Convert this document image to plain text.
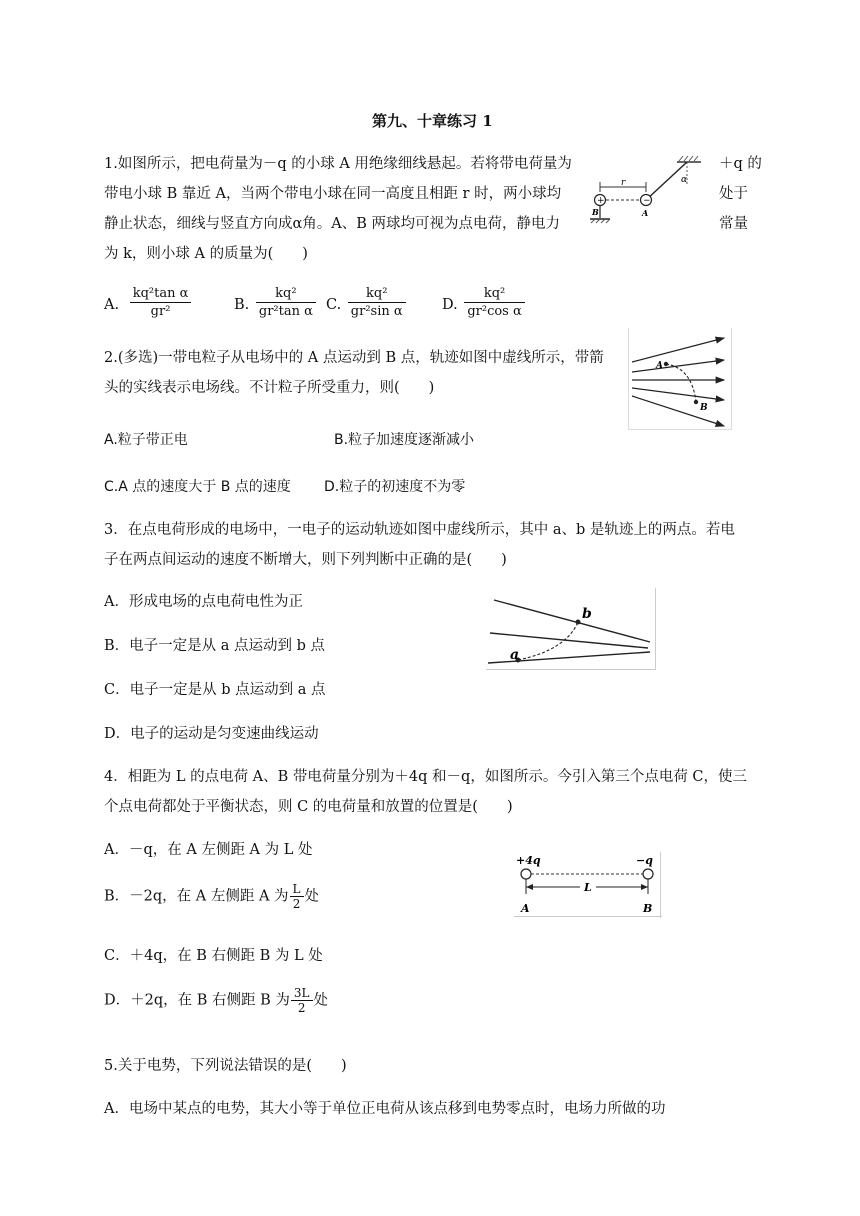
第九、十章练习 1
1.如图所示，把电荷量为－q 的小球 A 用绝缘细线悬起。若将带电荷量为	＋q 的
带电小球 B 靠近 A，当两个带电小球在同一高度且相距 r 时，两小球均	处于
静止状态，细线与竖直方向成α角。A、B 两球均可视为点电荷，静电力	常量
为 k，则小球 A 的质量为(　　)
α
r
+
B
−
A
A. $\frac{\text{kq²tan α}}{\text{gr²}}$	B. $\frac{\text{kq²}}{\text{gr²tan α}} C$. $\frac{\text{kq²}}{\text{gr²sin α}}$	D. $\frac{\text{kq²}}{\text{gr²cos α}}$
2.(多选)一带电粒子从电场中的 A 点运动到 B 点，轨迹如图中虚线所示，带箭
头的实线表示电场线。不计粒子所受重力，则(　　)
A
B
A.粒子带正电	B.粒子加速度逐渐减小
C.A 点的速度大于 B 点的速度 D.粒子的初速度不为零
3．在点电荷形成的电场中，一电子的运动轨迹如图中虚线所示，其中 a、b 是轨迹上的两点。若电
子在两点间运动的速度不断增大，则下列判断中正确的是(　　)
A．形成电场的点电荷电性为正
B．电子一定是从 a 点运动到 b 点
C．电子一定是从 b 点运动到 a 点
D．电子的运动是匀变速曲线运动
a
b
4．相距为 L 的点电荷 A、B 带电荷量分别为＋4q 和－q，如图所示。今引入第三个点电荷 C，使三
个点电荷都处于平衡状态，则 C 的电荷量和放置的位置是(　　)
A．－q，在 A 左侧距 A 为 L 处
B．－2q，在 A 左侧距 A 为 $\frac{L}{2}$ 处
C．＋4q，在 B 右侧距 B 为 L 处
D．＋2q，在 B 右侧距 B 为 $\frac{3L}{2}$ 处
+4q	−q
L
A	B
5.关于电势，下列说法错误的是(　　)
A．电场中某点的电势，其大小等于单位正电荷从该点移到电势零点时，电场力所做的功
